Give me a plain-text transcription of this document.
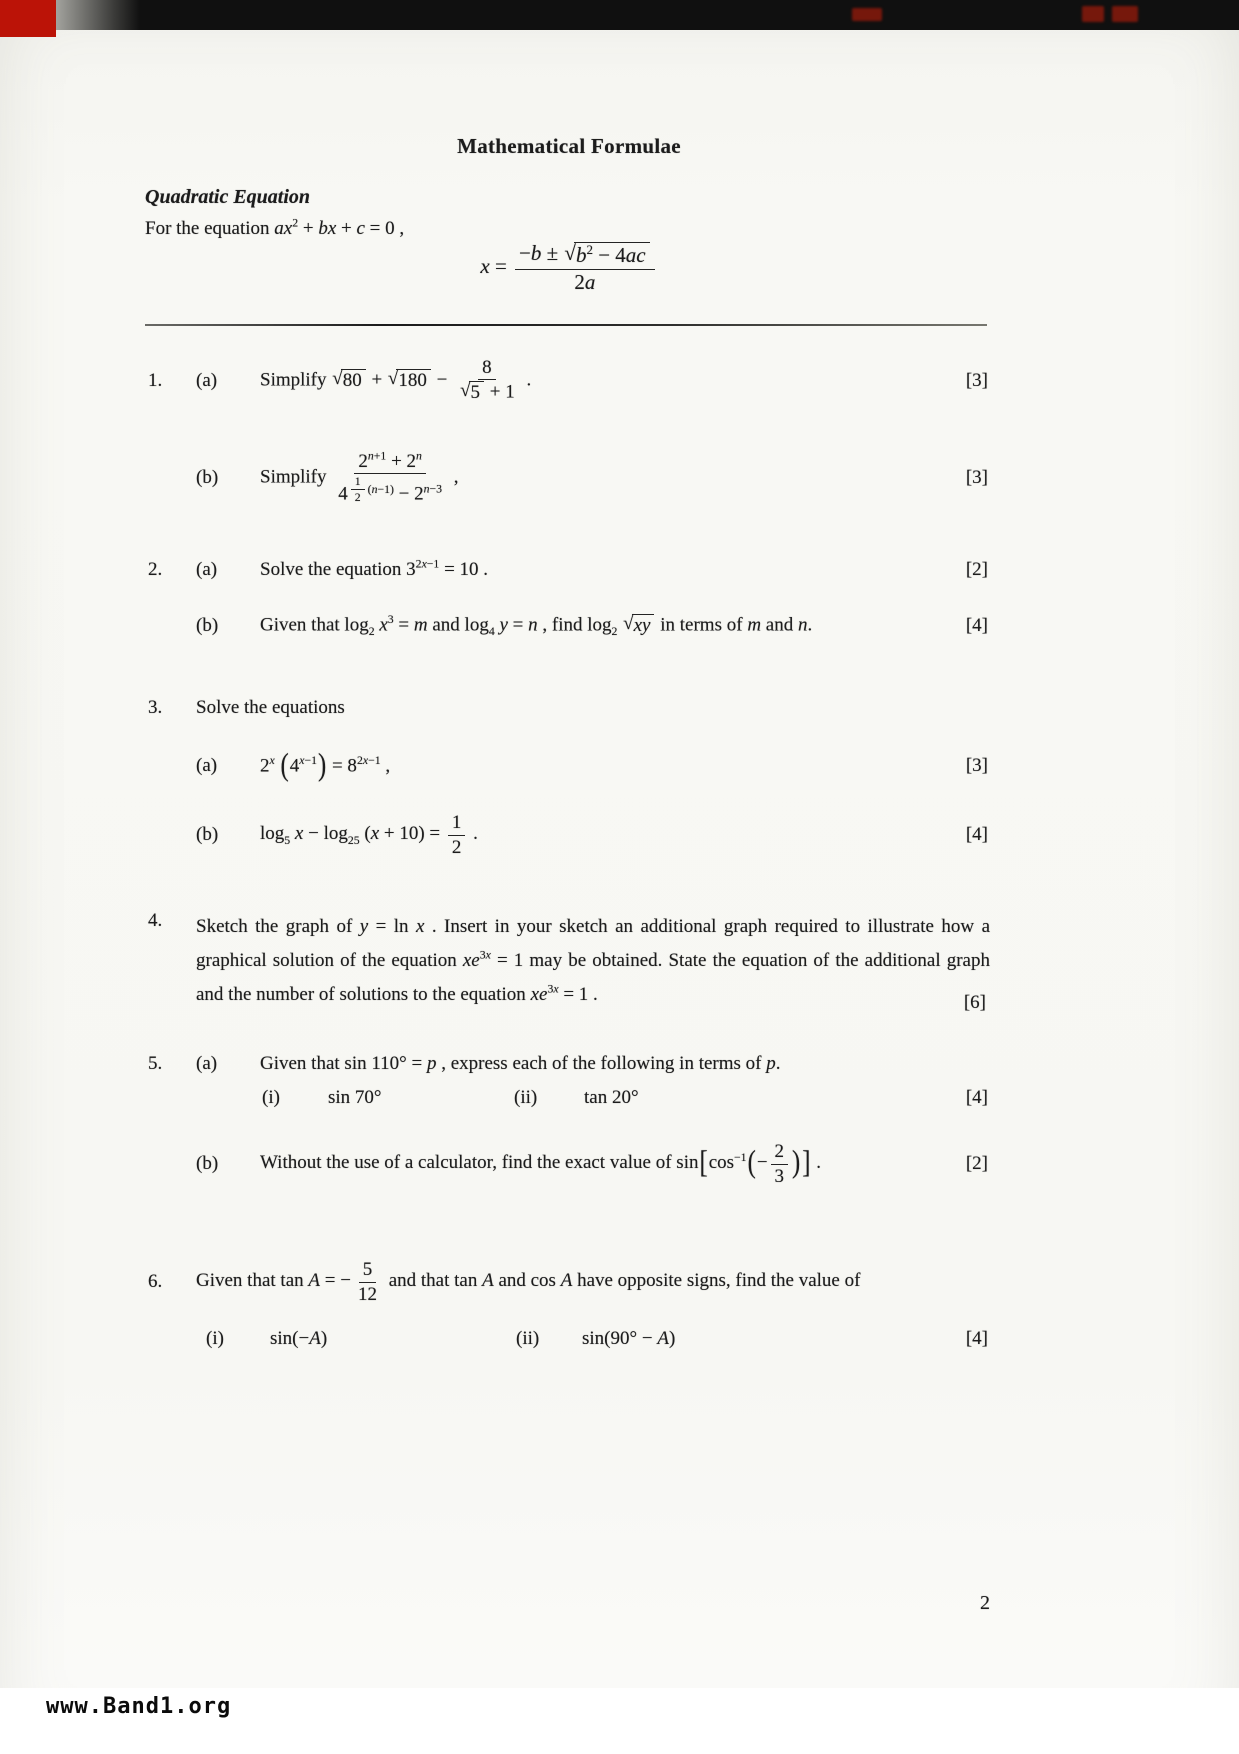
Mathematical Formulae
Quadratic Equation
For the equation $ax^2$ + bx + c = 0 ,
$x = \frac{-b \pm √ b^2 - 4ac}{2a}$
1.	(a)	Simplify √ 80 + √ $180 - \frac{8}{√ 5 + 1}$ .	[3]
(b)	Simplify $2^{n+1} + 2^n$
4 $^{\frac{1}{2} (n-1)} - 2^{n-3}$ ,	[3]
2.	(a)	Solve the equation $3^{2x-1} = 10$ .	[2]
(b)	Given that $\log_2 x^3 = m$ and $\log_4 y = n$ , find $\log_2$ √ xy in terms of m and n.	[4]
3.	Solve the equations
(a)	2$^x$ $(4^{x-1}) = 8^{2x-1}$ ,	[3]
(b)	$\log_5 x - \log_{25} (x + 10) = \frac{1}{2}$ .	[4]
4.	Sketch the graph of y = ln x . Insert in your sketch an additional graph required to illustrate how a graphical solution of the equation $xe^{3x} = 1$ may be obtained. State the equation of the additional graph and the number of solutions to the equation $xe^{3x} = 1$ .	[6]
5.	(a)	Given that sin 110° = p , express each of the following in terms of p.
(i)	sin 70°	(ii)	tan 20°	[4]
(b)	Without the use of a calculator, find the exact value of $\sin[\cos^{-1}(- \frac{2}{3}$ )] .	[2]
6.	Given that tan A = − $\frac{5}{12}$ and that tan A and cos A have opposite signs, find the value of
(i)	sin(−A)	(ii)	sin(90° − A)	[4]
2
www.Band1.org
